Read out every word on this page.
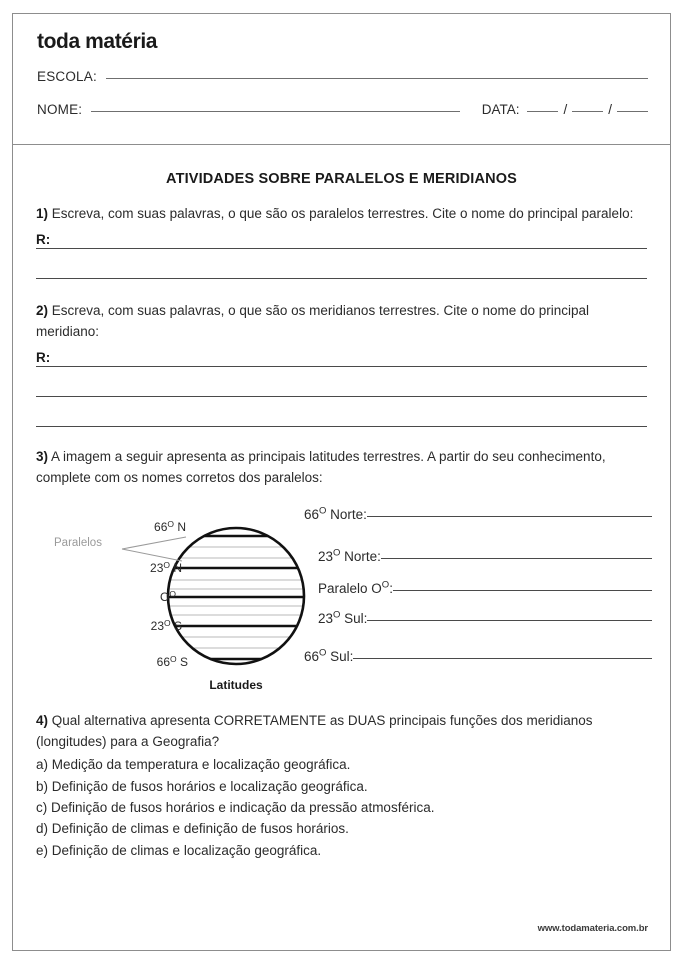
toda matéria
ESCOLA:
NOME:	DATA:	/	/
ATIVIDADES SOBRE PARALELOS E MERIDIANOS
1) Escreva, com suas palavras, o que são os paralelos terrestres. Cite o nome do principal paralelo:
R:
2) Escreva, com suas palavras, o que são os meridianos terrestres. Cite o nome do principal meridiano:
R:
3) A imagem a seguir apresenta as principais latitudes terrestres. A partir do seu conhecimento, complete com os nomes corretos dos paralelos:
Paralelos
$66^O$ N
$23^O$ N
$O^O$
$23^O$ S
$66^O$ S
Latitudes
$66^O$ Norte:
$23^O$ Norte:
Paralelo $O^O$:
$23^O$ Sul:
$66^O$ Sul:
4) Qual alternativa apresenta CORRETAMENTE as DUAS principais funções dos meridianos (longitudes) para a Geografia?
a) Medição da temperatura e localização geográfica.
b) Definição de fusos horários e localização geográfica.
c) Definição de fusos horários e indicação da pressão atmosférica.
d) Definição de climas e definição de fusos horários.
e) Definição de climas e localização geográfica.
www.todamateria.com.br
